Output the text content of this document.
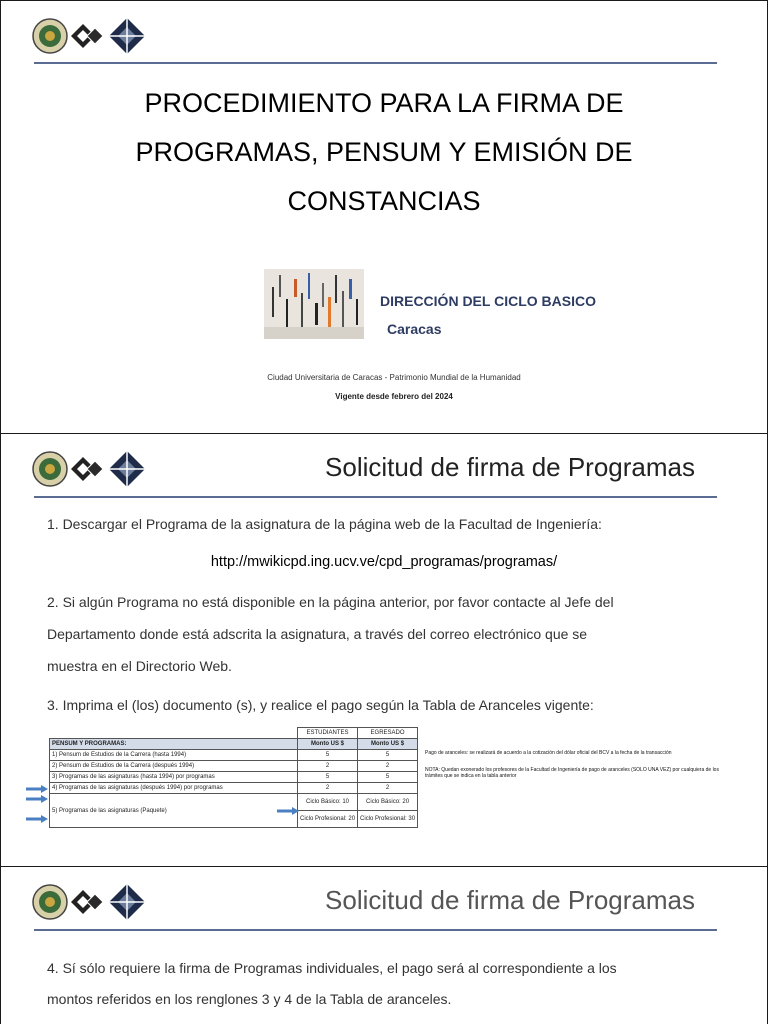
PROCEDIMIENTO PARA LA FIRMA DE
PROGRAMAS, PENSUM Y EMISIÓN DE
CONSTANCIAS
DIRECCIÓN DEL CICLO BASICO
Caracas
Ciudad Universitaria de Caracas - Patrimonio Mundial de la Humanidad
Vigente desde febrero del 2024
Solicitud de firma de Programas
1. Descargar el Programa de la asignatura de la página web de la Facultad de Ingeniería:
http://mwikicpd.ing.ucv.ve/cpd_programas/programas/
2. Si algún Programa no está disponible en la página anterior, por favor contacte al Jefe del
Departamento donde está adscrita la asignatura, a través del correo electrónico que se
muestra en el Directorio Web.
3. Imprima el (los) documento (s), y realice el pago según la Tabla de Aranceles vigente:
	ESTUDIANTES	EGRESADO
PENSUM Y PROGRAMAS:	Monto US $	Monto US $
1) Pensum de Estudios de la Carrera (hasta 1994)	5	5
2) Pensum de Estudios de la Carrera (después 1994)	2	2
3) Programas de las asignaturas (hasta 1994) por programas	5	5
4) Programas de las asignaturas (después 1994) por programas	2	2
5) Programas de las asignaturas (Paquete)	Ciclo Básico: 10	Ciclo Básico: 20
	Ciclo Profesional: 20	Ciclo Profesional: 30
Pago de aranceles: se realizará de acuerdo a la cotización del dólar oficial del BCV a la fecha de la transacción
NOTA: Quedan exonerado los profesores de la Facultad de Ingeniería de pago de aranceles (SOLO UNA VEZ) por cualquiera de los trámites que se indica en la tabla anterior
Solicitud de firma de Programas
4. Sí sólo requiere la firma de Programas individuales, el pago será al correspondiente a los
montos referidos en los renglones 3 y 4 de la Tabla de aranceles.
